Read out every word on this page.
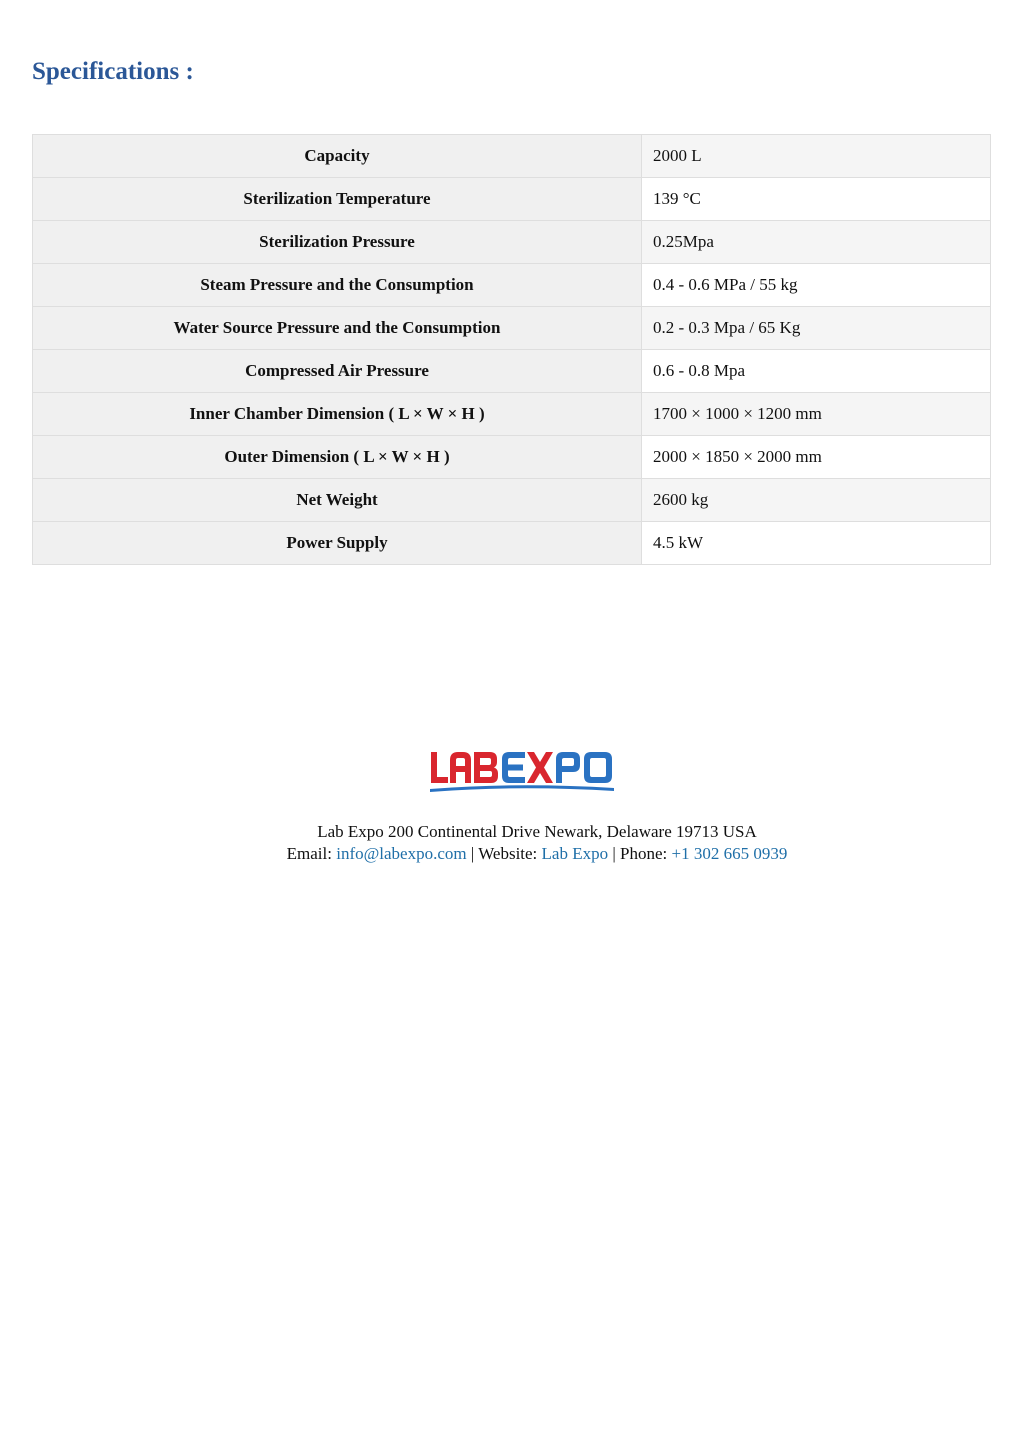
Specifications :
Capacity	2000 L
Sterilization Temperature	139 °C
Sterilization Pressure	0.25Mpa
Steam Pressure and the Consumption	0.4 - 0.6 MPa / 55 kg
Water Source Pressure and the Consumption	0.2 - 0.3 Mpa / 65 Kg
Compressed Air Pressure	0.6 - 0.8 Mpa
Inner Chamber Dimension ( L × W × H )	1700 × 1000 × 1200 mm
Outer Dimension ( L × W × H )	2000 × 1850 × 2000 mm
Net Weight	2600 kg
Power Supply	4.5 kW
Lab Expo 200 Continental Drive Newark, Delaware 19713 USA
Email: info@labexpo.com | Website: Lab Expo | Phone: +1 302 665 0939
